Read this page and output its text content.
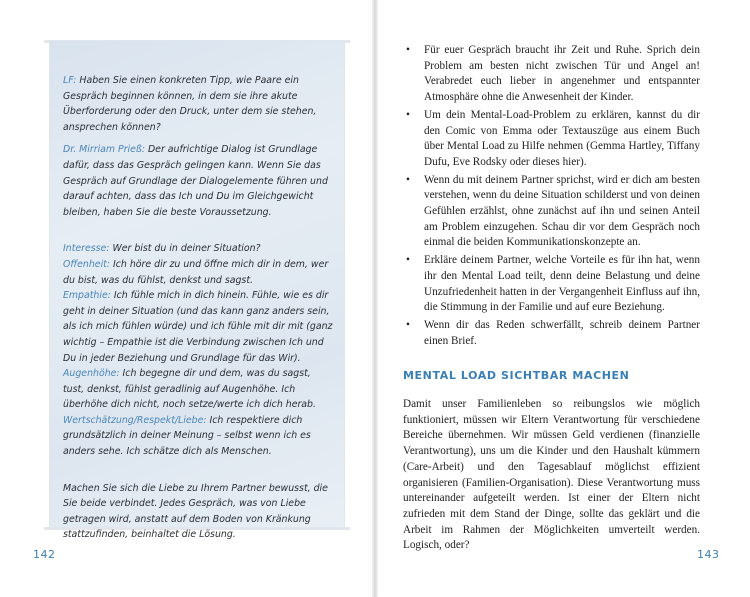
LF: Haben Sie einen konkreten Tipp, wie Paare ein Gespräch beginnen können, in dem sie ihre akute Überforderung oder den Druck, unter dem sie stehen, ansprechen können?

Dr. Mirriam Prieß: Der aufrichtige Dialog ist Grundlage dafür, dass das Gespräch gelingen kann. Wenn Sie das Gespräch auf Grundlage der Dialogelemente führen und darauf achten, dass das Ich und Du im Gleichgewicht bleiben, haben Sie die beste Voraussetzung.

Interesse: Wer bist du in deiner Situation?

Offenheit: Ich höre dir zu und öffne mich dir in dem, wer du bist, was du fühlst, denkst und sagst.

Empathie: Ich fühle mich in dich hinein. Fühle, wie es dir geht in deiner Situation (und das kann ganz anders sein, als ich mich fühlen würde) und ich fühle mit dir mit (ganz wichtig – Empathie ist die Verbindung zwischen Ich und Du in jeder Beziehung und Grundlage für das Wir).

Augenhöhe: Ich begegne dir und dem, was du sagst, tust, denkst, fühlst geradlinig auf Augenhöhe. Ich überhöhe dich nicht, noch setze/werte ich dich herab.

Wertschätzung/Respekt/Liebe: Ich respektiere dich grundsätzlich in deiner Meinung – selbst wenn ich es anders sehe. Ich schätze dich als Menschen.

Machen Sie sich die Liebe zu Ihrem Partner bewusst, die Sie beide verbindet. Jedes Gespräch, was von Liebe getragen wird, anstatt auf dem Boden von Kränkung stattzufinden, beinhaltet die Lösung.

142
• Für euer Gespräch braucht ihr Zeit und Ruhe. Sprich dein Problem am besten nicht zwischen Tür und Angel an! Verabredet euch lieber in angenehmer und entspannter Atmosphäre ohne die Anwesenheit der Kinder.
• Um dein Mental-Load-Problem zu erklären, kannst du dir den Comic von Emma oder Textauszüge aus einem Buch über Mental Load zu Hilfe nehmen (Gemma Hartley, Tiffany Dufu, Eve Rodsky oder dieses hier).
• Wenn du mit deinem Partner sprichst, wird er dich am besten verstehen, wenn du deine Situation schilderst und von deinen Gefühlen erzählst, ohne zunächst auf ihn und seinen Anteil am Problem einzugehen. Schau dir vor dem Gespräch noch einmal die beiden Kommunikationskonzepte an.
• Erkläre deinem Partner, welche Vorteile es für ihn hat, wenn ihr den Mental Load teilt, denn deine Belastung und deine Unzufriedenheit hatten in der Vergangenheit Einfluss auf ihn, die Stimmung in der Familie und auf eure Beziehung.
• Wenn dir das Reden schwerfällt, schreib deinem Partner einen Brief.
MENTAL LOAD SICHTBAR MACHEN

Damit unser Familienleben so reibungslos wie möglich funktioniert, müssen wir Eltern Verantwortung für verschiedene Bereiche übernehmen. Wir müssen Geld verdienen (finanzielle Verantwortung), uns um die Kinder und den Haushalt kümmern (Care-Arbeit) und den Tagesablauf möglichst effizient organisieren (Familien-Organisation). Diese Verantwortung muss untereinander aufgeteilt werden. Ist einer der Eltern nicht zufrieden mit dem Stand der Dinge, sollte das geklärt und die Arbeit im Rahmen der Möglichkeiten umverteilt werden. Logisch, oder?

143
